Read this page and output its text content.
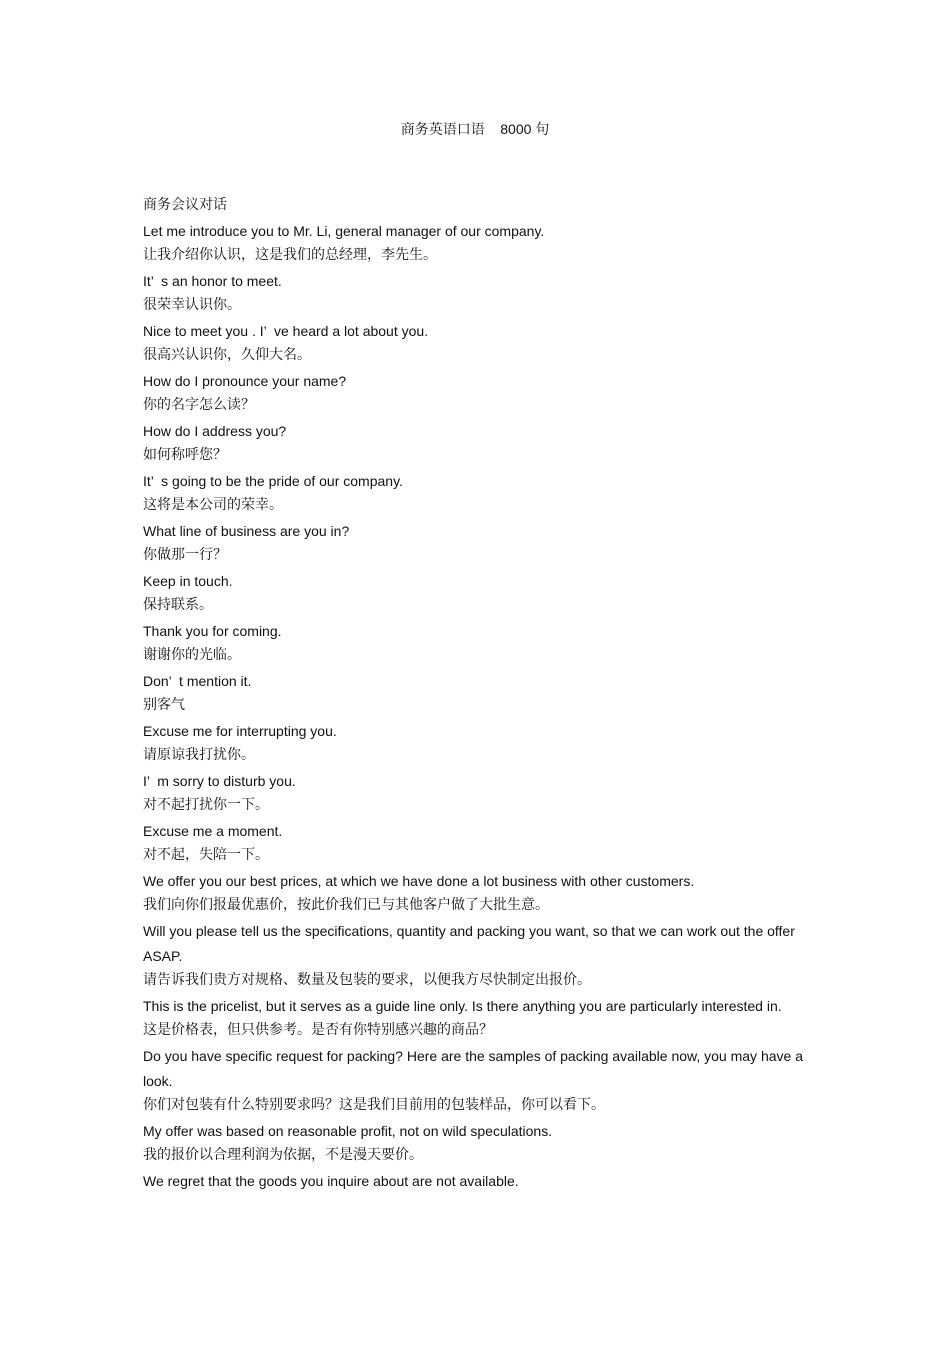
商务英语口语    8000 句
商务会议对话
Let me introduce you to Mr. Li, general manager of our company.
让我介绍你认识，这是我们的总经理，李先生。
It’  s an honor to meet.
很荣幸认识你。
Nice to meet you . I’  ve heard a lot about you.
很高兴认识你，久仰大名。
How do I pronounce your name?
你的名字怎么读？
How do I address you?
如何称呼您？
It’  s going to be the pride of our company.
这将是本公司的荣幸。
What line of business are you in?
你做那一行？
Keep in touch.
保持联系。
Thank you for coming.
谢谢你的光临。
Don’  t mention it.
别客气
Excuse me for interrupting you.
请原谅我打扰你。
I’  m sorry to disturb you.
对不起打扰你一下。
Excuse me a moment.
对不起，失陪一下。
We offer you our best prices, at which we have done a lot business with other customers.
我们向你们报最优惠价，按此价我们已与其他客户做了大批生意。
Will you please tell us the specifications, quantity and packing you want, so that we can work out the offer ASAP.
请告诉我们贵方对规格、数量及包装的要求，以便我方尽快制定出报价。
This is the pricelist, but it serves as a guide line only. Is there anything you are particularly interested in.
这是价格表，但只供参考。是否有你特别感兴趣的商品？
Do you have specific request for packing? Here are the samples of packing available now, you may have a look.
你们对包装有什么特别要求吗？这是我们目前用的包装样品，你可以看下。
My offer was based on reasonable profit, not on wild speculations.
我的报价以合理利润为依据，不是漫天要价。
We regret that the goods you inquire about are not available.
